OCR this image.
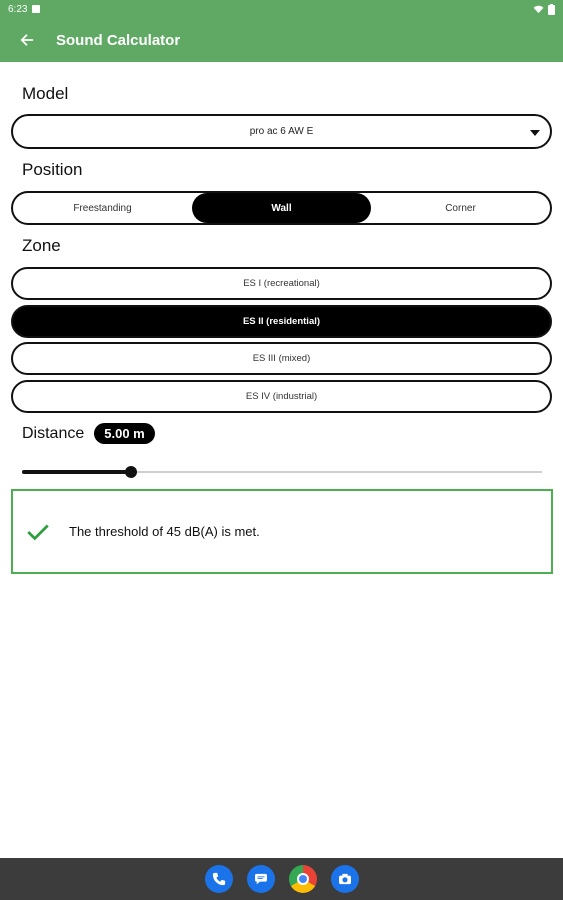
6:23
Sound Calculator
Model
pro ac 6 AW E
Position
Freestanding	Wall	Corner
Zone
ES I (recreational)
ES II (residential)
ES III (mixed)
ES IV (industrial)
Distance	5.00 m
The threshold of 45 dB(A) is met.
